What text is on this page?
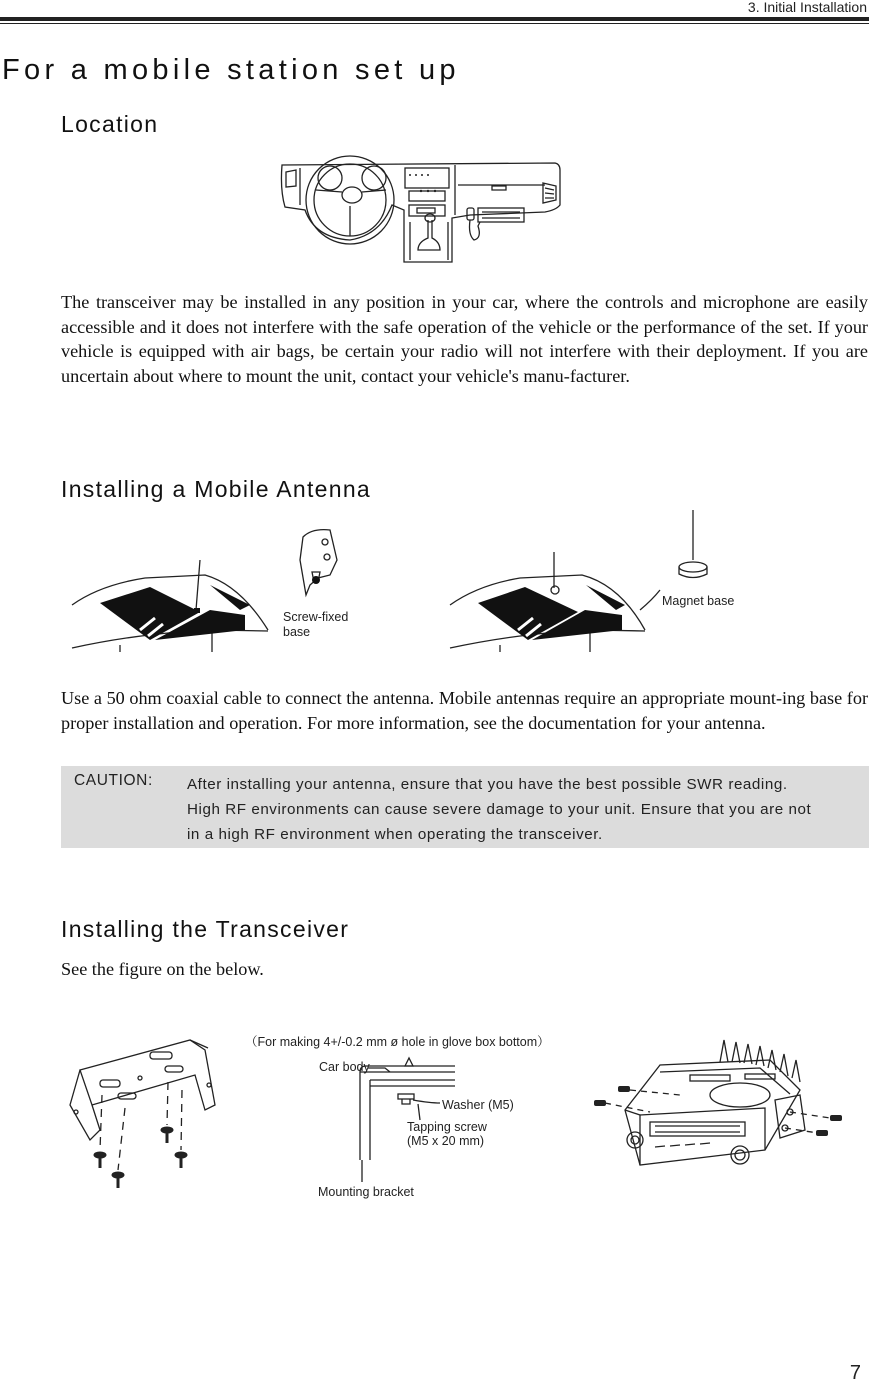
3. Initial Installation
For a mobile station set up
Location
The transceiver may be installed in any position in your car, where the controls and microphone are easily accessible and it does not interfere with the safe operation of the vehicle or the performance of the set. If your vehicle is equipped with air bags, be certain your radio will not interfere with their deployment. If you are uncertain about where to mount the unit, contact your vehicle's manu-facturer.
Installing a Mobile Antenna
Screw-fixed
base
Magnet base
Use a 50 ohm coaxial cable to connect the antenna. Mobile antennas require an appropriate mount-ing base for proper installation and operation. For more information, see the documentation for your antenna.
CAUTION: After installing your antenna, ensure that you have the best possible SWR reading.
High RF environments can cause severe damage to your unit. Ensure that you are not
in a high RF environment when operating the transceiver.
Installing the Transceiver
See the figure on the below.
（For making 4+/-0.2 mm ø hole in glove box bottom）
Car body
Washer (M5)
Tapping screw
(M5 x 20 mm)
Mounting bracket
7
